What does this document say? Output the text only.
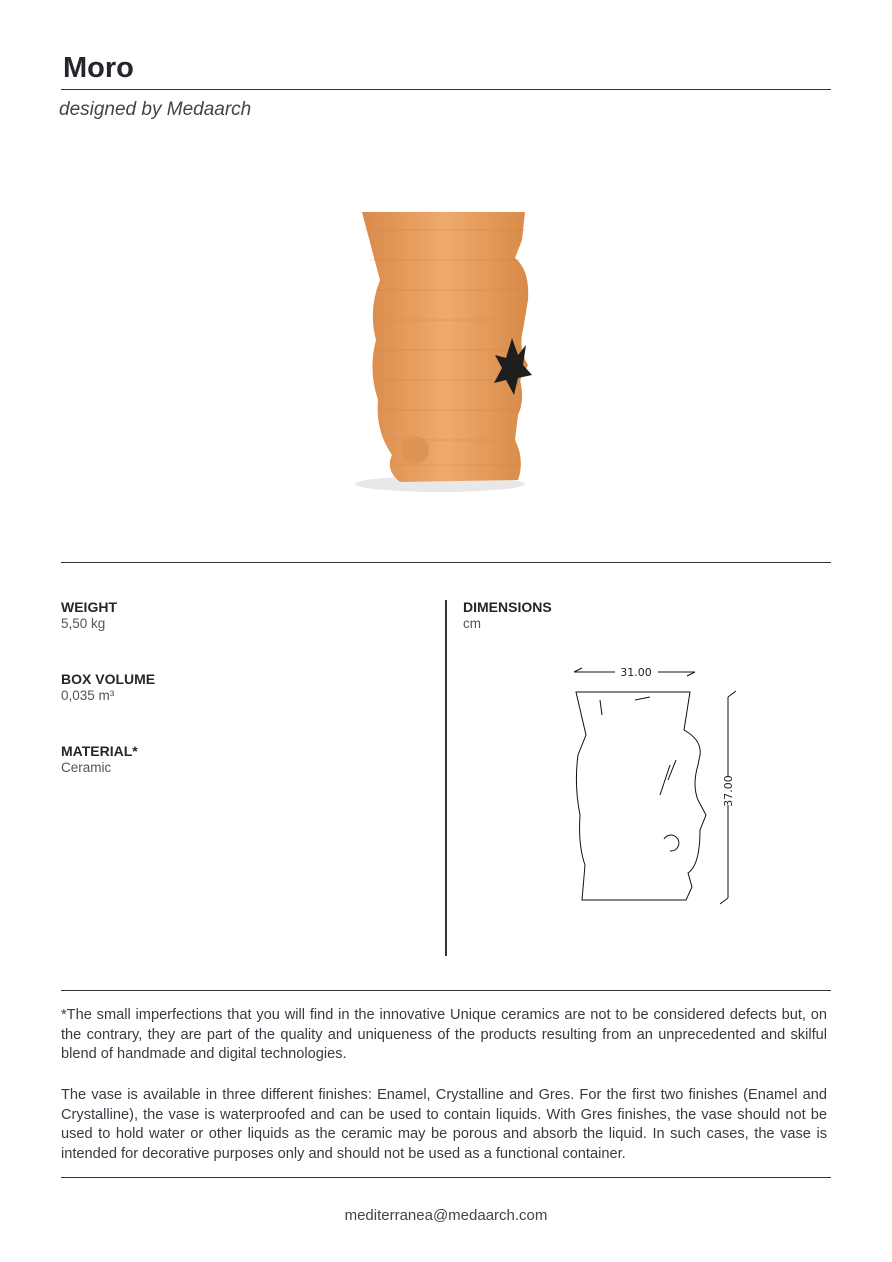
Moro
designed by Medaarch
WEIGHT
5,50 kg
BOX VOLUME
0,035 m³
MATERIAL*
Ceramic
DIMENSIONS
cm
31.00
37.00
*The small imperfections that you will find in the innovative Unique ceramics are not to be considered defects but, on the contrary, they are part of the quality and uniqueness of the products resulting from an unprecedented and skilful blend of handmade and digital technologies.
The vase is available in three different finishes: Enamel, Crystalline and Gres. For the first two finishes (Enamel and Crystalline), the vase is waterproofed and can be used to contain liquids. With Gres finishes, the vase should not be used to hold water or other liquids as the ceramic may be porous and absorb the liquid. In such cases, the vase is intended for decorative purposes only and should not be used as a functional container.
mediterranea@medaarch.com
